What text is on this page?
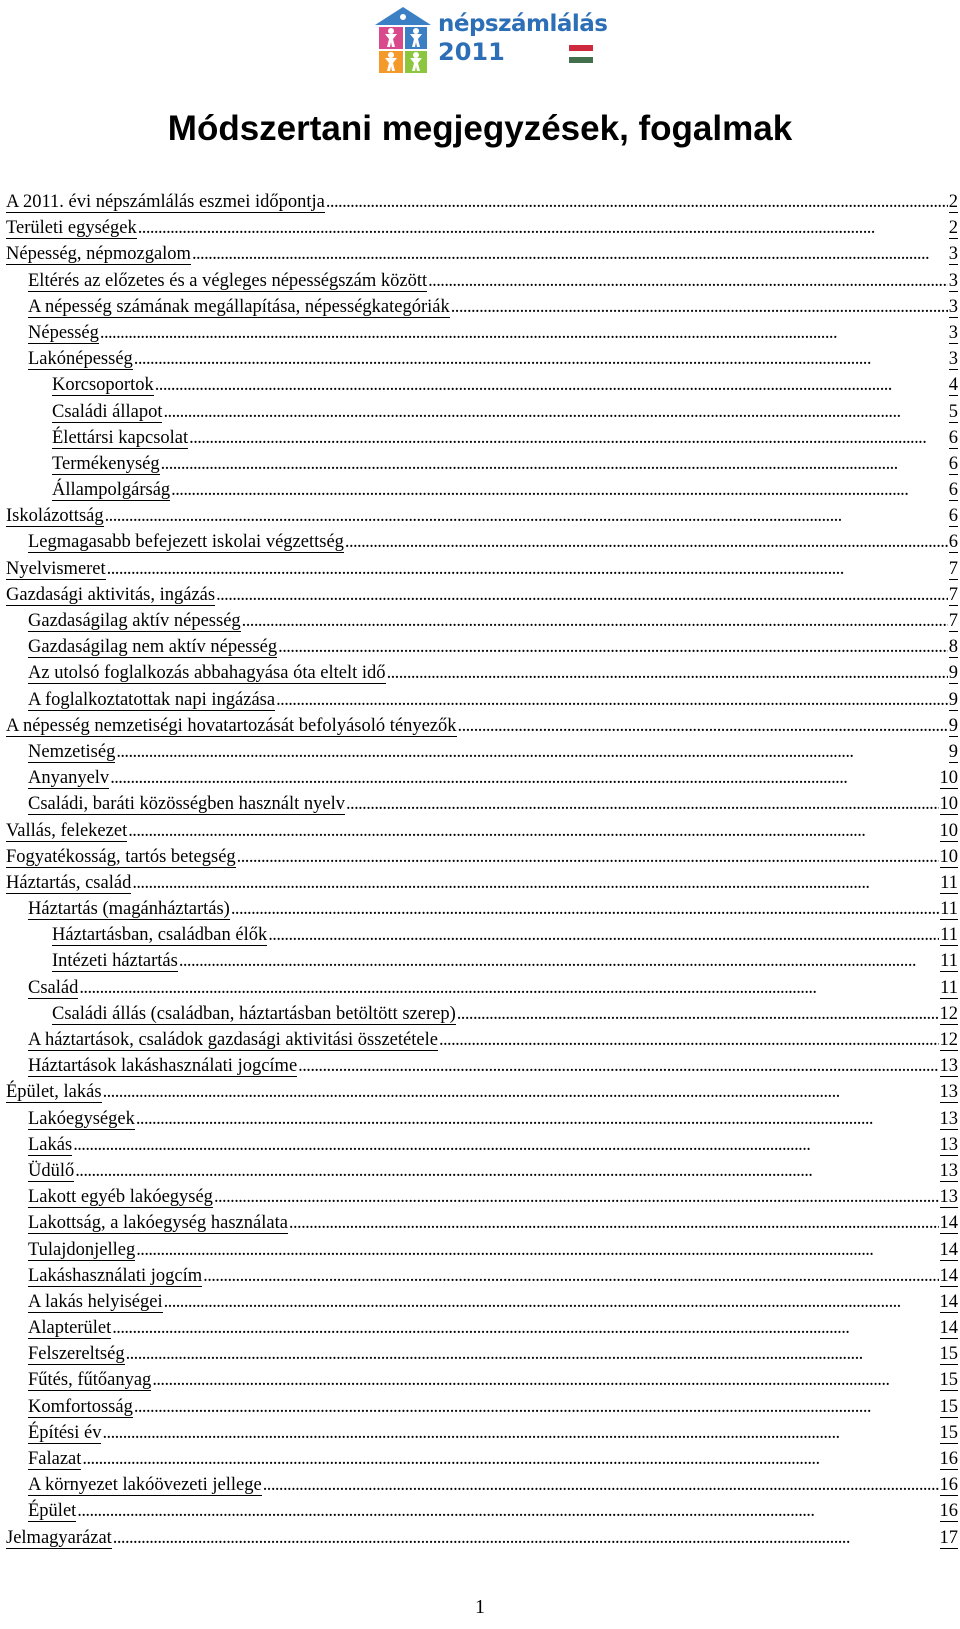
népszámlálás
2011
Módszertani megjegyzések, fogalmak
A 2011. évi népszámlálás eszmei időpontja . . .	2
Területi egységek . . .	2
Népesség, népmozgalom . . .	3
Eltérés az előzetes és a végleges népességszám között . . .	3
A népesség számának megállapítása, népességkategóriák . . .	3
Népesség . . .	3
Lakónépesség . . .	3
Korcsoportok . . .	4
Családi állapot . . .	5
Élettársi kapcsolat . . .	6
Termékenység . . .	6
Állampolgárság . . .	6
Iskolázottság . . .	6
Legmagasabb befejezett iskolai végzettség . . .	6
Nyelvismeret . . .	7
Gazdasági aktivitás, ingázás . . .	7
Gazdaságilag aktív népesség . . .	7
Gazdaságilag nem aktív népesség . . .	8
Az utolsó foglalkozás abbahagyása óta eltelt idő . . .	9
A foglalkoztatottak napi ingázása . . .	9
A népesség nemzetiségi hovatartozását befolyásoló tényezők . . .	9
Nemzetiség . . .	9
Anyanyelv . . .	10
Családi, baráti közösségben használt nyelv . . .	10
Vallás, felekezet . . .	10
Fogyatékosság, tartós betegség . . .	10
Háztartás, család . . .	11
Háztartás (magánháztartás) . . .	11
Háztartásban, családban élők . . .	11
Intézeti háztartás . . .	11
Család . . .	11
Családi állás (családban, háztartásban betöltött szerep) . . .	12
A háztartások, családok gazdasági aktivitási összetétele . . .	12
Háztartások lakáshasználati jogcíme . . .	13
Épület, lakás . . .	13
Lakóegységek . . .	13
Lakás . . .	13
Üdülő . . .	13
Lakott egyéb lakóegység . . .	13
Lakottság, a lakóegység használata . . .	14
Tulajdonjelleg . . .	14
Lakáshasználati jogcím . . .	14
A lakás helyiségei . . .	14
Alapterület . . .	14
Felszereltség . . .	15
Fűtés, fűtőanyag . . .	15
Komfortosság . . .	15
Építési év . . .	15
Falazat . . .	16
A környezet lakóövezeti jellege . . .	16
Épület . . .	16
Jelmagyarázat . . .	17
1
